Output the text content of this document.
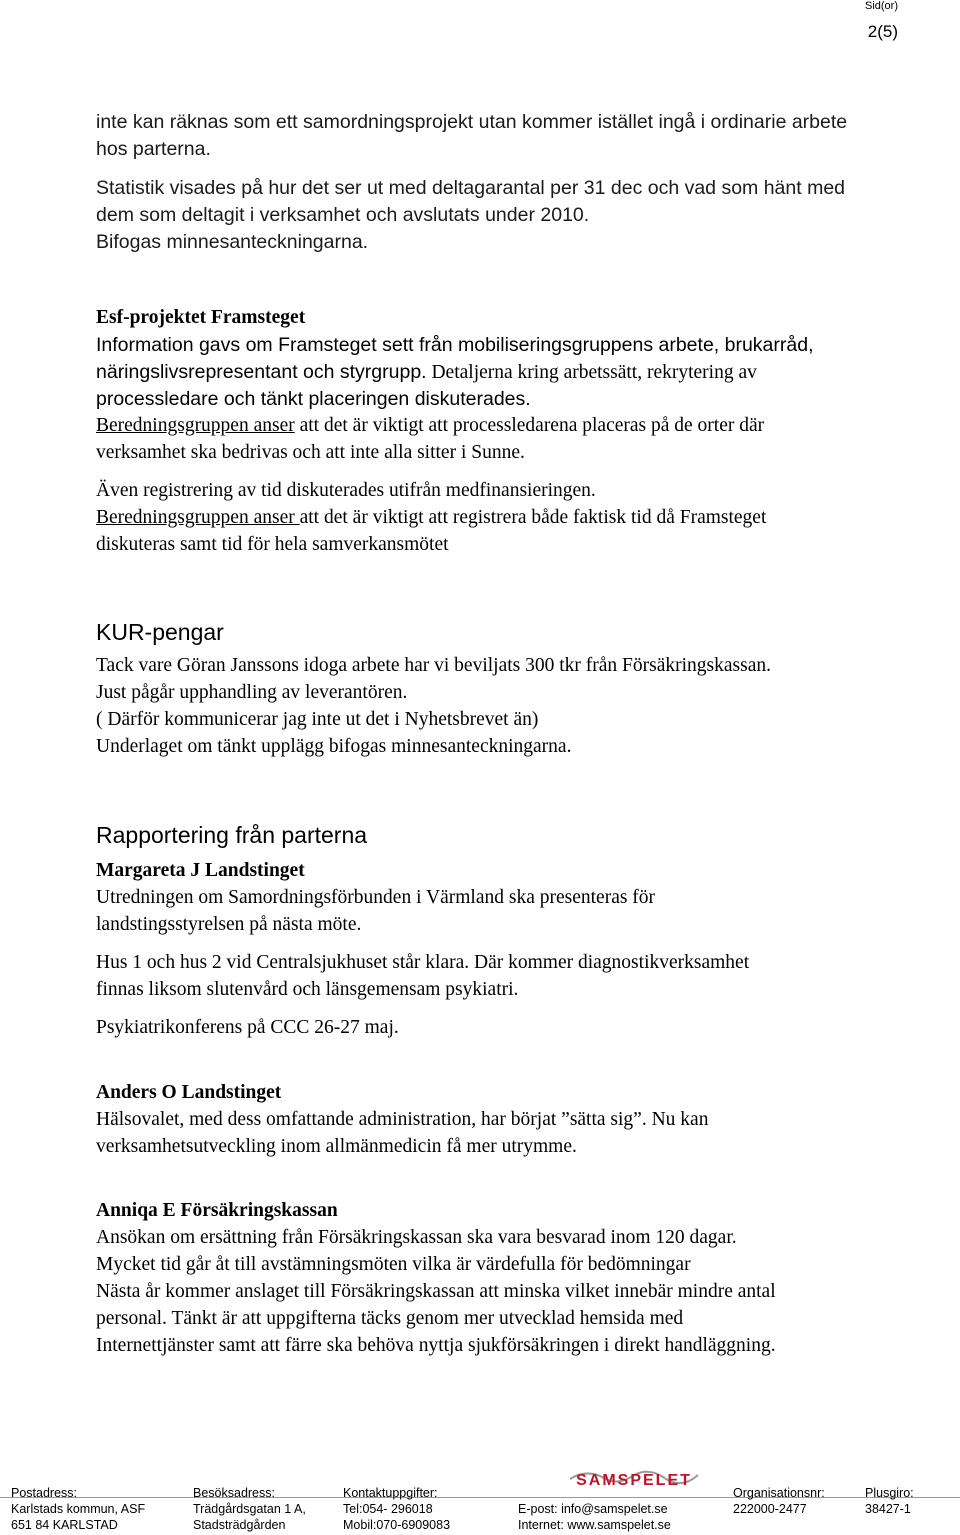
Sid(or)
2(5)

inte kan räknas som ett samordningsprojekt utan kommer istället ingå i ordinarie arbete

hos parterna.

Statistik visades på hur det ser ut med deltagarantal per 31 dec och vad som hänt med

dem som deltagit i verksamhet och avslutats under 2010.

Bifogas minnesanteckningarna.

Esf-projektet Framsteget

Information gavs om Framsteget sett från mobiliseringsgruppens arbete, brukarråd,

näringslivsrepresentant och styrgrupp. Detaljerna kring arbetssätt, rekrytering av

processledare och tänkt placeringen diskuterades.

Beredningsgruppen anser att det är viktigt att processledarena placeras på de orter där

verksamhet ska bedrivas och att inte alla sitter i Sunne.

Även registrering av tid diskuterades utifrån medfinansieringen.

Beredningsgruppen anser att det är viktigt att registrera både faktisk tid då Framsteget

diskuteras samt tid för hela samverkansmötet

KUR-pengar

Tack vare Göran Janssons idoga arbete har vi beviljats 300 tkr från Försäkringskassan.

Just pågår upphandling av leverantören.

( Därför kommunicerar jag inte ut det i Nyhetsbrevet än)

Underlaget om tänkt upplägg bifogas minnesanteckningarna.

Rapportering från parterna

Margareta J Landstinget

Utredningen om Samordningsförbunden i Värmland ska presenteras för

landstingsstyrelsen på nästa möte.

Hus 1 och hus 2 vid Centralsjukhuset står klara. Där kommer diagnostikverksamhet

finnas liksom slutenvård och länsgemensam psykiatri.

Psykiatrikonferens på CCC 26-27 maj.

Anders O Landstinget

Hälsovalet, med dess omfattande administration, har börjat ”sätta sig”. Nu kan

verksamhetsutveckling inom allmänmedicin få mer utrymme.

Anniqa E Försäkringskassan

Ansökan om ersättning från Försäkringskassan ska vara besvarad inom 120 dagar.

Mycket tid går åt till avstämningsmöten vilka är värdefulla för bedömningar

Nästa år kommer anslaget till Försäkringskassan att minska vilket innebär mindre antal

personal. Tänkt är att uppgifterna täcks genom mer utvecklad hemsida med

Internettjänster samt att färre ska behöva nyttja sjukförsäkringen i direkt handläggning.

SAMSPELET
Postadress:
Karlstads kommun, ASF
651 84 KARLSTAD
Besöksadress:
Trädgårdsgatan 1 A,
Stadsträdgården
Kontaktuppgifter:
Tel:054- 296018
Mobil:070-6909083
E-post: info@samspelet.se
Internet: www.samspelet.se
Organisationsnr:
222000-2477
Plusgiro:
38427-1
